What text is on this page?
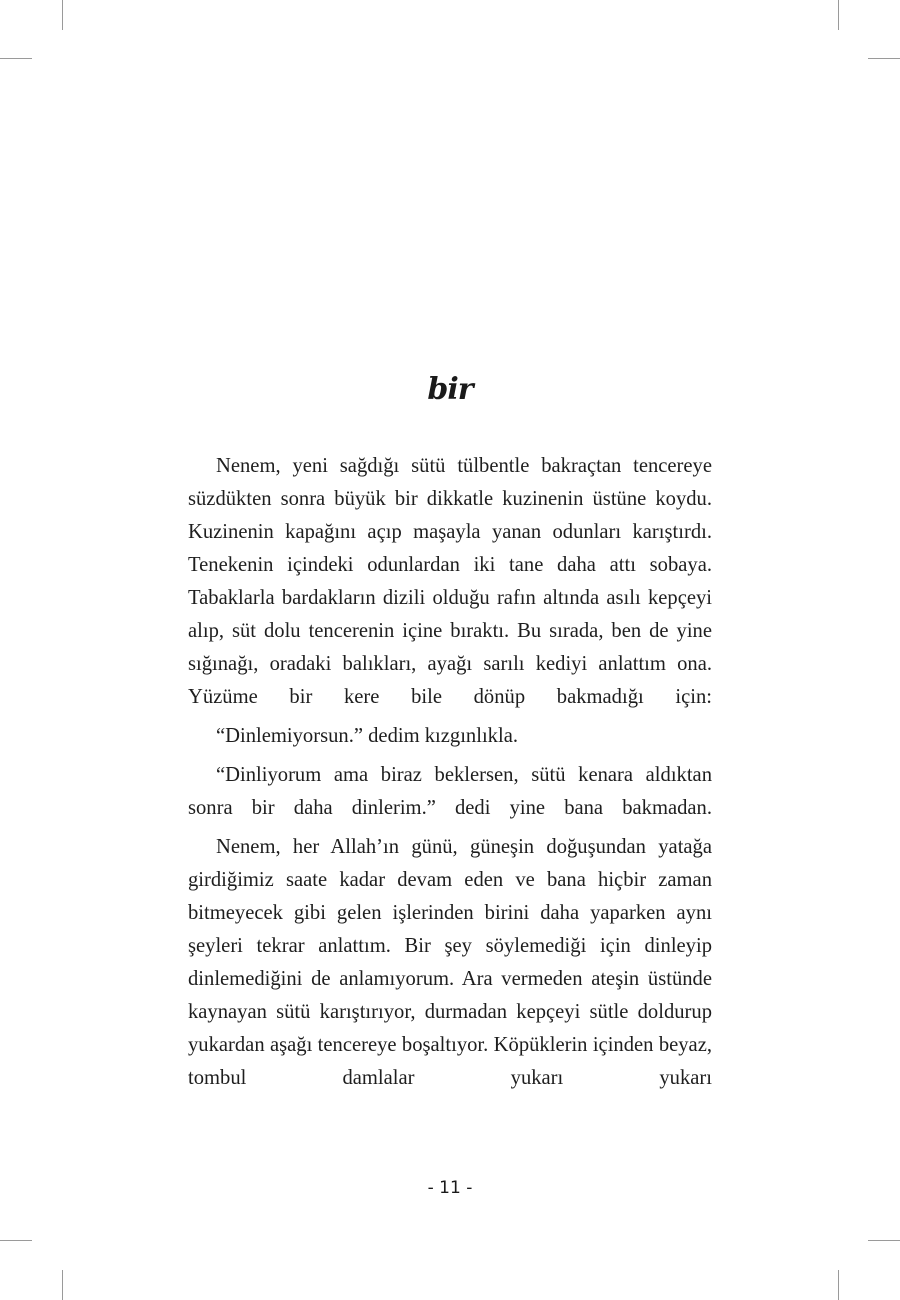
bir

Nenem, yeni sağdığı sütü tülbentle bakraçtan tencereye süzdükten sonra büyük bir dikkatle kuzinenin üstüne koydu. Kuzinenin kapağını açıp maşayla yanan odunları karıştırdı. Tenekenin içindeki odunlardan iki tane daha attı sobaya. Tabaklarla bardakların dizili olduğu rafın altında asılı kepçeyi alıp, süt dolu tencerenin içine bıraktı. Bu sırada, ben de yine sığınağı, oradaki balıkları, ayağı sarılı kediyi anlattım ona. Yüzüme bir kere bile dönüp bakmadığı için:

“Dinlemiyorsun.” dedim kızgınlıkla.

“Dinliyorum ama biraz beklersen, sütü kenara aldıktan sonra bir daha dinlerim.” dedi yine bana bakmadan.

Nenem, her Allah’ın günü, güneşin doğuşundan yatağa girdiğimiz saate kadar devam eden ve bana hiçbir zaman bitmeyecek gibi gelen işlerinden birini daha yaparken aynı şeyleri tekrar anlattım. Bir şey söylemediği için dinleyip dinlemediğini de anlamıyorum. Ara vermeden ateşin üstünde kaynayan sütü karıştırıyor, durmadan kepçeyi sütle doldurup yukardan aşağı tencereye boşaltıyor. Köpüklerin içinden beyaz, tombul damlalar yukarı yukarı

- 11 -
